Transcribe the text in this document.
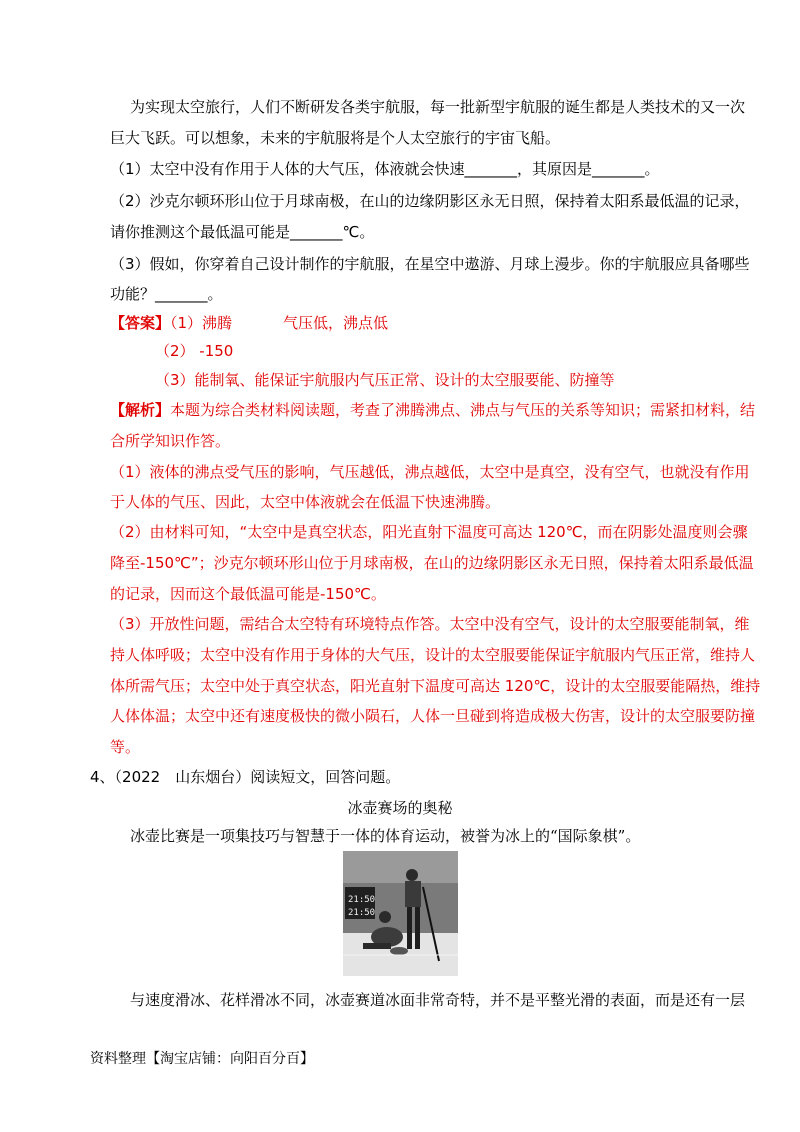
为实现太空旅行，人们不断研发各类宇航服，每一批新型宇航服的诞生都是人类技术的又一次
巨大飞跃。可以想象，未来的宇航服将是个人太空旅行的宇宙飞船。
（1）太空中没有作用于人体的大气压，体液就会快速_______，其原因是_______。
（2）沙克尔顿环形山位于月球南极，在山的边缘阴影区永无日照，保持着太阳系最低温的记录，
请你推测这个最低温可能是_______℃。
（3）假如，你穿着自己设计制作的宇航服，在星空中遨游、月球上漫步。你的宇航服应具备哪些
功能？_______。
【答案】（1）沸腾	气压低，沸点低
（2） -150
（3）能制氧、能保证宇航服内气压正常、设计的太空服要能、防撞等
【解析】本题为综合类材料阅读题，考查了沸腾沸点、沸点与气压的关系等知识；需紧扣材料，结
合所学知识作答。
（1）液体的沸点受气压的影响，气压越低，沸点越低，太空中是真空，没有空气，也就没有作用
于人体的气压、因此，太空中体液就会在低温下快速沸腾。
（2）由材料可知，“太空中是真空状态，阳光直射下温度可高达 120℃，而在阴影处温度则会骤
降至-150℃”；沙克尔顿环形山位于月球南极，在山的边缘阴影区永无日照，保持着太阳系最低温
的记录，因而这个最低温可能是-150℃。
（3）开放性问题，需结合太空特有环境特点作答。太空中没有空气，设计的太空服要能制氧，维
持人体呼吸；太空中没有作用于身体的大气压，设计的太空服要能保证宇航服内气压正常，维持人
体所需气压；太空中处于真空状态，阳光直射下温度可高达 120℃，设计的太空服要能隔热，维持
人体体温；太空中还有速度极快的微小陨石，人体一旦碰到将造成极大伤害，设计的太空服要防撞
等。
4、（2022　山东烟台）阅读短文，回答问题。
冰壶赛场的奥秘
冰壶比赛是一项集技巧与智慧于一体的体育运动，被誉为冰上的“国际象棋”。
21:50
21:50
与速度滑冰、花样滑冰不同，冰壶赛道冰面非常奇特，并不是平整光滑的表面，而是还有一层
资料整理【淘宝店铺：向阳百分百】
